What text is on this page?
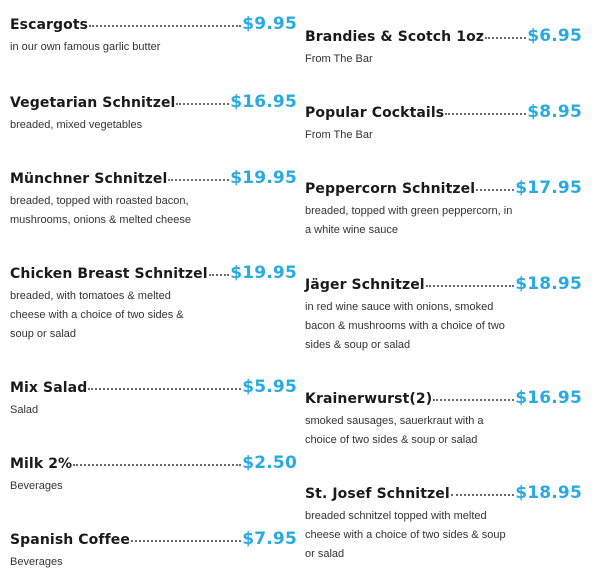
Escargots	$9.95
in our own famous garlic butter
Vegetarian Schnitzel	$16.95
breaded, mixed vegetables
Münchner Schnitzel	$19.95
breaded, topped with roasted bacon, mushrooms, onions & melted cheese
Chicken Breast Schnitzel $19.95
breaded, with tomatoes & melted cheese with a choice of two sides & soup or salad
Mix Salad	$5.95
Salad
Milk 2%	$2.50
Beverages
Spanish Coffee	$7.95
Beverages
Brandies & Scotch 1oz	$6.95
From The Bar
Popular Cocktails	$8.95
From The Bar
Peppercorn Schnitzel $17.95
breaded, topped with green peppercorn, in a white wine sauce
Jäger Schnitzel	$18.95
in red wine sauce with onions, smoked bacon & mushrooms with a choice of two sides & soup or salad
Krainerwurst(2)	$16.95
smoked sausages, sauerkraut with a choice of two sides & soup or salad
St. Josef Schnitzel	$18.95
breaded schnitzel topped with melted cheese with a choice of two sides & soup or salad
